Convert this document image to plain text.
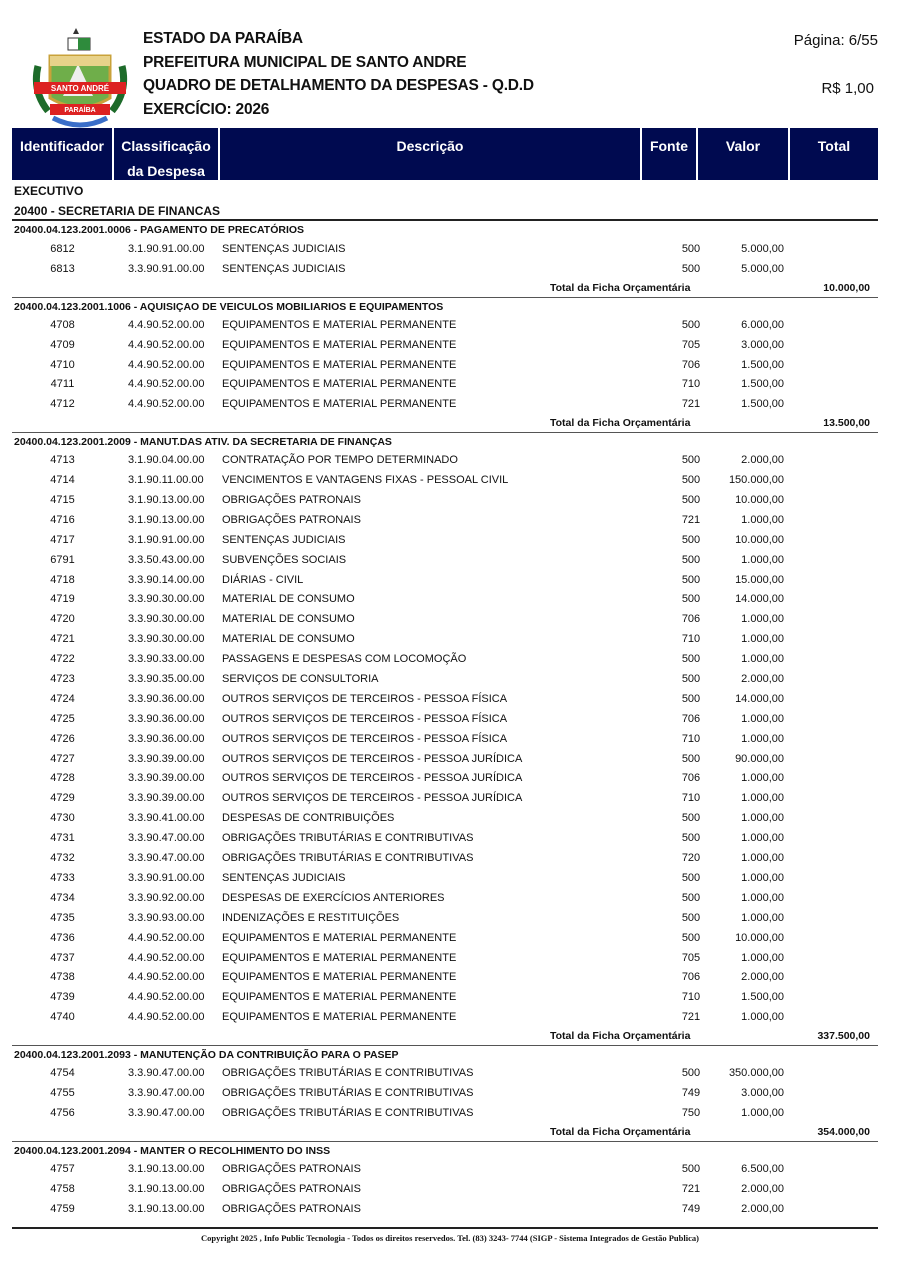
SANTO ANDRÉ
PARAÍBA
ESTADO DA PARAÍBA
PREFEITURA MUNICIPAL DE SANTO ANDRE
QUADRO DE DETALHAMENTO DA DESPESAS - Q.D.D
EXERCÍCIO: 2026
Página: 6/55
R$ 1,00
Identificador	Classificação
da Despesa
Descrição	Fonte	Valor	Total
EXECUTIVO
20400 - SECRETARIA DE FINANCAS
20400.04.123.2001.0006 - PAGAMENTO DE PRECATÓRIOS
6812	3.1.90.91.00.00 SENTENÇAS JUDICIAIS	500	5.000,00
6813	3.3.90.91.00.00 SENTENÇAS JUDICIAIS	500	5.000,00
Total da Ficha Orçamentária	10.000,00
20400.04.123.2001.1006 - AQUISIÇAO DE VEICULOS MOBILIARIOS E EQUIPAMENTOS
4708	4.4.90.52.00.00 EQUIPAMENTOS E MATERIAL PERMANENTE	500	6.000,00
4709	4.4.90.52.00.00 EQUIPAMENTOS E MATERIAL PERMANENTE	705	3.000,00
4710	4.4.90.52.00.00 EQUIPAMENTOS E MATERIAL PERMANENTE	706	1.500,00
4711	4.4.90.52.00.00 EQUIPAMENTOS E MATERIAL PERMANENTE	710	1.500,00
4712	4.4.90.52.00.00 EQUIPAMENTOS E MATERIAL PERMANENTE	721	1.500,00
Total da Ficha Orçamentária	13.500,00
20400.04.123.2001.2009 - MANUT.DAS ATIV. DA SECRETARIA DE FINANÇAS
4713	3.1.90.04.00.00 CONTRATAÇÃO POR TEMPO DETERMINADO	500	2.000,00
4714	3.1.90.11.00.00 VENCIMENTOS E VANTAGENS FIXAS - PESSOAL CIVIL	500	150.000,00
4715	3.1.90.13.00.00 OBRIGAÇÕES PATRONAIS	500	10.000,00
4716	3.1.90.13.00.00 OBRIGAÇÕES PATRONAIS	721	1.000,00
4717	3.1.90.91.00.00 SENTENÇAS JUDICIAIS	500	10.000,00
6791	3.3.50.43.00.00 SUBVENÇÕES SOCIAIS	500	1.000,00
4718	3.3.90.14.00.00 DIÁRIAS - CIVIL	500	15.000,00
4719	3.3.90.30.00.00 MATERIAL DE CONSUMO	500	14.000,00
4720	3.3.90.30.00.00 MATERIAL DE CONSUMO	706	1.000,00
4721	3.3.90.30.00.00 MATERIAL DE CONSUMO	710	1.000,00
4722	3.3.90.33.00.00 PASSAGENS E DESPESAS COM LOCOMOÇÃO	500	1.000,00
4723	3.3.90.35.00.00 SERVIÇOS DE CONSULTORIA	500	2.000,00
4724	3.3.90.36.00.00 OUTROS SERVIÇOS DE TERCEIROS - PESSOA FÍSICA	500	14.000,00
4725	3.3.90.36.00.00 OUTROS SERVIÇOS DE TERCEIROS - PESSOA FÍSICA	706	1.000,00
4726	3.3.90.36.00.00 OUTROS SERVIÇOS DE TERCEIROS - PESSOA FÍSICA	710	1.000,00
4727	3.3.90.39.00.00 OUTROS SERVIÇOS DE TERCEIROS - PESSOA JURÍDICA	500	90.000,00
4728	3.3.90.39.00.00 OUTROS SERVIÇOS DE TERCEIROS - PESSOA JURÍDICA	706	1.000,00
4729	3.3.90.39.00.00 OUTROS SERVIÇOS DE TERCEIROS - PESSOA JURÍDICA	710	1.000,00
4730	3.3.90.41.00.00 DESPESAS DE CONTRIBUIÇÕES	500	1.000,00
4731	3.3.90.47.00.00 OBRIGAÇÕES TRIBUTÁRIAS E CONTRIBUTIVAS	500	1.000,00
4732	3.3.90.47.00.00 OBRIGAÇÕES TRIBUTÁRIAS E CONTRIBUTIVAS	720	1.000,00
4733	3.3.90.91.00.00 SENTENÇAS JUDICIAIS	500	1.000,00
4734	3.3.90.92.00.00 DESPESAS DE EXERCÍCIOS ANTERIORES	500	1.000,00
4735	3.3.90.93.00.00 INDENIZAÇÕES E RESTITUIÇÕES	500	1.000,00
4736	4.4.90.52.00.00 EQUIPAMENTOS E MATERIAL PERMANENTE	500	10.000,00
4737	4.4.90.52.00.00 EQUIPAMENTOS E MATERIAL PERMANENTE	705	1.000,00
4738	4.4.90.52.00.00 EQUIPAMENTOS E MATERIAL PERMANENTE	706	2.000,00
4739	4.4.90.52.00.00 EQUIPAMENTOS E MATERIAL PERMANENTE	710	1.500,00
4740	4.4.90.52.00.00 EQUIPAMENTOS E MATERIAL PERMANENTE	721	1.000,00
Total da Ficha Orçamentária	337.500,00
20400.04.123.2001.2093 - MANUTENÇÃO DA CONTRIBUIÇÃO PARA O PASEP
4754	3.3.90.47.00.00 OBRIGAÇÕES TRIBUTÁRIAS E CONTRIBUTIVAS	500	350.000,00
4755	3.3.90.47.00.00 OBRIGAÇÕES TRIBUTÁRIAS E CONTRIBUTIVAS	749	3.000,00
4756	3.3.90.47.00.00 OBRIGAÇÕES TRIBUTÁRIAS E CONTRIBUTIVAS	750	1.000,00
Total da Ficha Orçamentária	354.000,00
20400.04.123.2001.2094 - MANTER O RECOLHIMENTO DO INSS
4757	3.1.90.13.00.00 OBRIGAÇÕES PATRONAIS	500	6.500,00
4758	3.1.90.13.00.00 OBRIGAÇÕES PATRONAIS	721	2.000,00
4759	3.1.90.13.00.00 OBRIGAÇÕES PATRONAIS	749	2.000,00
Copyright 2025 , Info Public Tecnologia - Todos os direitos reservedos. Tel. (83) 3243- 7744 (SIGP - Sistema Integrados de Gestão Publica)
